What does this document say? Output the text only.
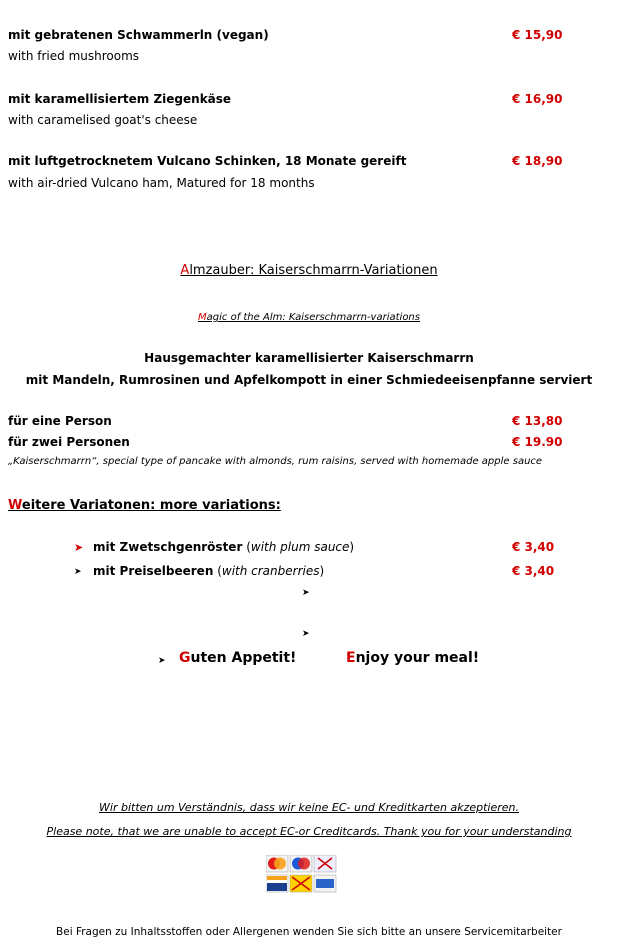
mit gebratenen Schwammerln (vegan)	€ 15,90
with fried mushrooms
mit karamellisiertem Ziegenkäse	€ 16,90
with caramelised goat's cheese
mit luftgetrocknetem Vulcano Schinken, 18 Monate gereift	€ 18,90
with air-dried Vulcano ham, Matured for 18 months
Almzauber: Kaiserschmarrn-Variationen
Magic of the Alm: Kaiserschmarrn-variations
Hausgemachter karamellisierter Kaiserschmarrn
mit Mandeln, Rumrosinen und Apfelkompott in einer Schmiedeeisenpfanne serviert
für eine Person	€ 13,80
für zwei Personen	€ 19.90
„Kaiserschmarrn“, special type of pancake with almonds, rum raisins, served with homemade apple sauce
Weitere Variatonen: more variations:
➤ mit Zwetschgenröster (with plum sauce)	€ 3,40
➤ mit Preiselbeeren (with cranberries)	€ 3,40
➤
➤
➤ Guten Appetit!	Enjoy your meal!
Wir bitten um Verständnis, dass wir keine EC- und Kreditkarten akzeptieren.
Please note, that we are unable to accept EC-or Creditcards. Thank you for your understanding
Bei Fragen zu Inhaltsstoffen oder Allergenen wenden Sie sich bitte an unsere Servicemitarbeiter
